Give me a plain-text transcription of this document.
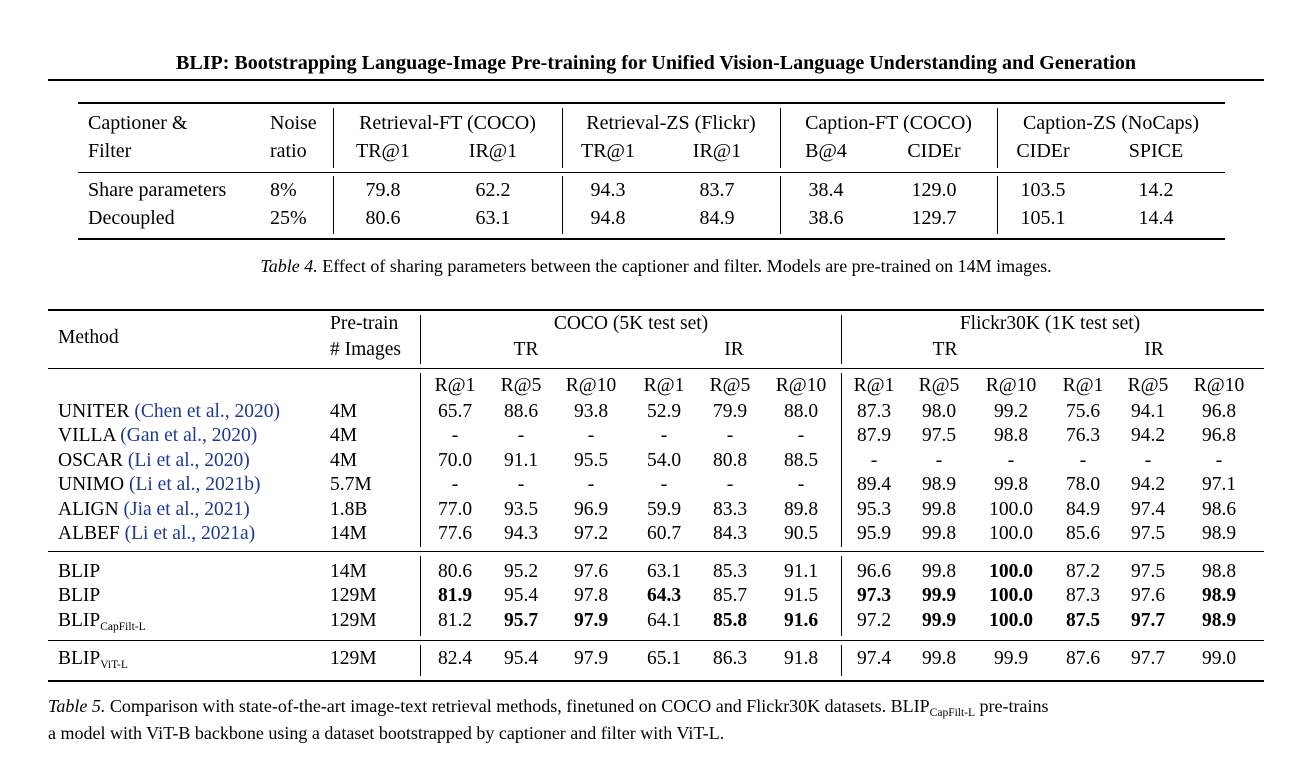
BLIP: Bootstrapping Language-Image Pre-training for Unified Vision-Language Understanding and Generation
Captioner &	Noise	Retrieval-FT (COCO)	Retrieval-ZS (Flickr)	Caption-FT (COCO)	Caption-ZS (NoCaps)
Filter	ratio	TR@1	IR@1	TR@1	IR@1	B@4	CIDEr	CIDEr	SPICE
Share parameters 8%	79.8	62.2	94.3	83.7	38.4	129.0	103.5	14.2
Decoupled	25%	80.6	63.1	94.8	84.9	38.6	129.7	105.1	14.4
Table 4. Effect of sharing parameters between the captioner and filter. Models are pre-trained on 14M images.
Method
Pre-train
# Images
COCO (5K test set)	Flickr30K (1K test set)
TR	IR	TR	IR
R@1	R@5	R@10	R@1	R@5	R@10	R@1	R@5	R@10	R@1	R@5	R@10
UNITER (Chen et al., 2020)	4M	65.7	88.6	93.8	52.9	79.9	88.0	87.3	98.0	99.2	75.6	94.1	96.8
VILLA (Gan et al., 2020)	4M	-	-	-	-	-	-	87.9	97.5	98.8	76.3	94.2	96.8
OSCAR (Li et al., 2020)	4M	70.0	91.1	95.5	54.0	80.8	88.5	-	-	-	-	-	-
UNIMO (Li et al., 2021b)	5.7M	-	-	-	-	-	-	89.4	98.9	99.8	78.0	94.2	97.1
ALIGN (Jia et al., 2021)	1.8B	77.0	93.5	96.9	59.9	83.3	89.8	95.3	99.8	100.0	84.9	97.4	98.6
ALBEF (Li et al., 2021a)	14M	77.6	94.3	97.2	60.7	84.3	90.5	95.9	99.8	100.0	85.6	97.5	98.9
BLIP	14M	80.6	95.2	97.6	63.1	85.3	91.1	96.6	99.8	100.0	87.2	97.5	98.8
BLIP	129M	81.9	95.4	97.8	64.3	85.7	91.5	97.3	99.9	100.0	87.3	97.6	98.9
$BLIP_{CapFilt-L}$	129M	81.2	95.7	97.9	64.1	85.8	91.6	97.2	99.9	100.0	87.5	97.7	98.9
$BLIP_{ViT-L}$	129M	82.4	95.4	97.9	65.1	86.3	91.8	97.4	99.8	99.9	87.6	97.7	99.0
Table 5. Comparison with state-of-the-art image-text retrieval methods, finetuned on COCO and Flickr30K datasets. $BLIP_{CapFilt-L}$ pre-trains
a model with ViT-B backbone using a dataset bootstrapped by captioner and filter with ViT-L.
